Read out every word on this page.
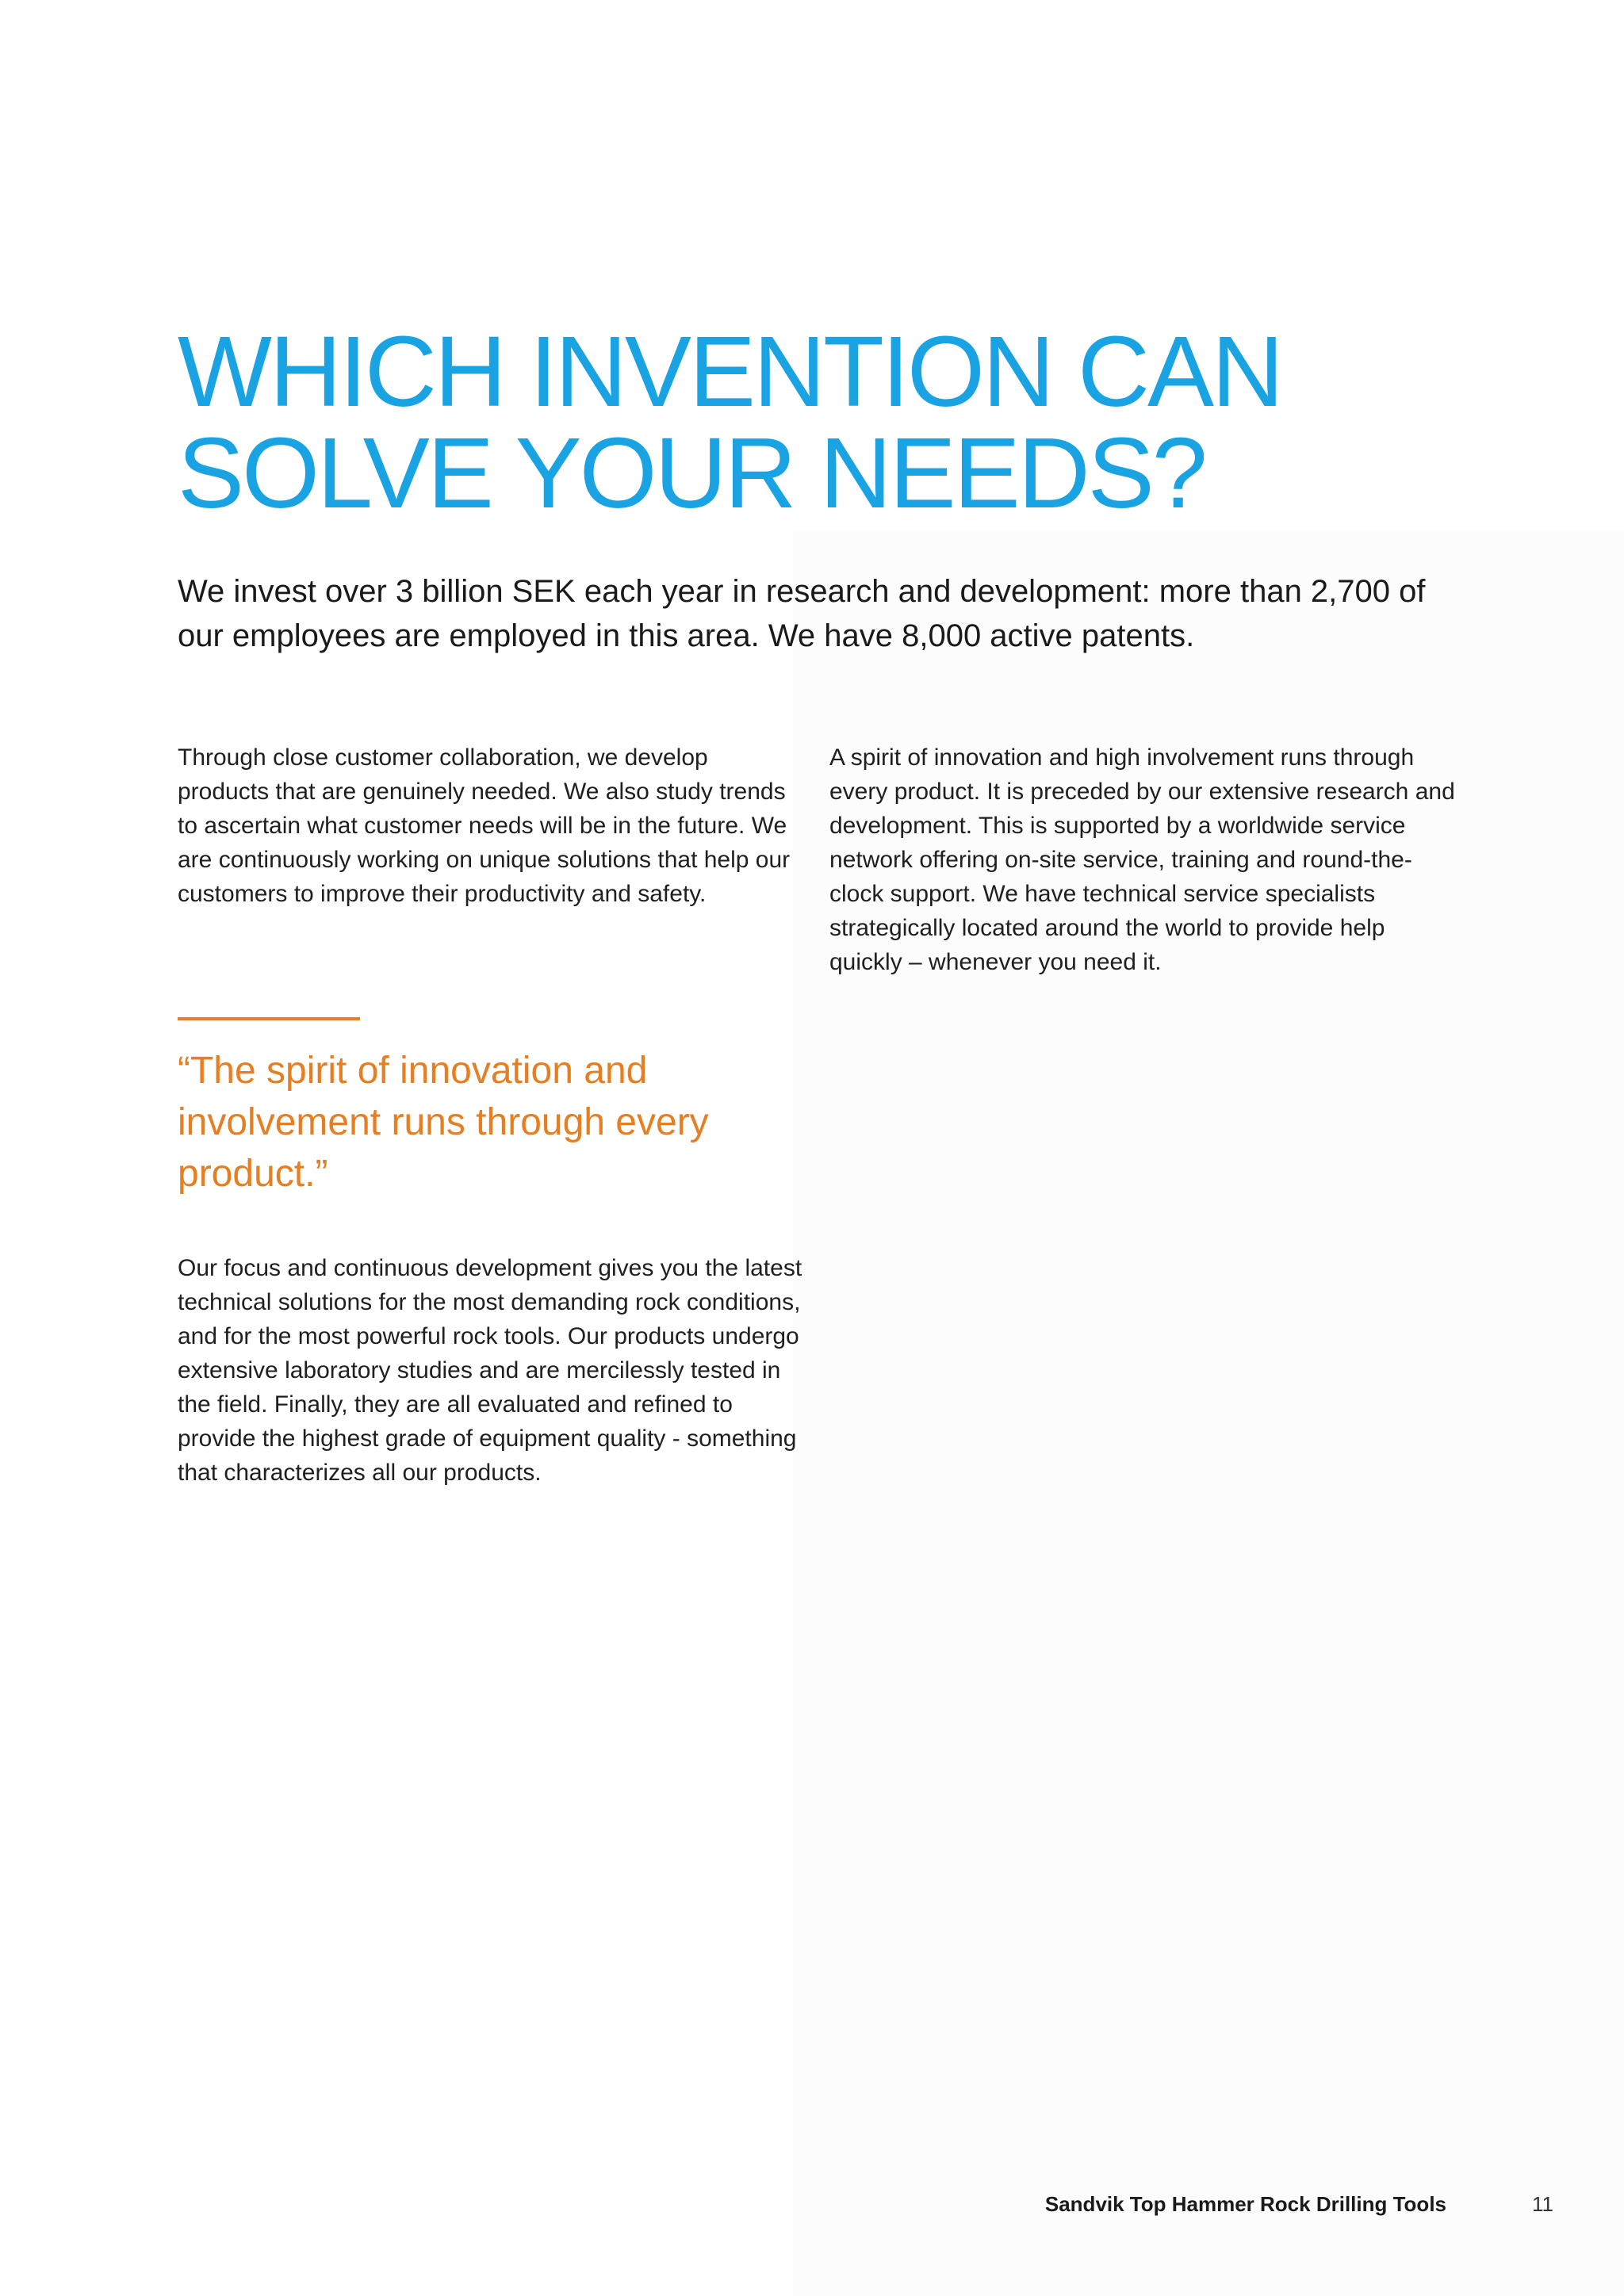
WHICH INVENTION CAN
SOLVE YOUR NEEDS?

We invest over 3 billion SEK each year in research and development: more than 2,700 of our employees are employed in this area. We have 8,000 active patents.

Through close customer collaboration, we develop products that are genuinely needed. We also study trends to ascertain what customer needs will be in the future. We are continuously working on unique solutions that help our customers to improve their productivity and safety.

A spirit of innovation and high involvement runs through every product. It is preceded by our extensive research and development. This is supported by a worldwide service network offering on-site service, training and round-the-clock support. We have technical service specialists strategically located around the world to provide help quickly – whenever you need it.

“The spirit of innovation and involvement runs through every product.”

Our focus and continuous development gives you the latest technical solutions for the most demanding rock conditions, and for the most powerful rock tools. Our products undergo extensive laboratory studies and are mercilessly tested in the field. Finally, they are all evaluated and refined to provide the highest grade of equipment quality - something that characterizes all our products.

Sandvik Top Hammer Rock Drilling Tools	11
